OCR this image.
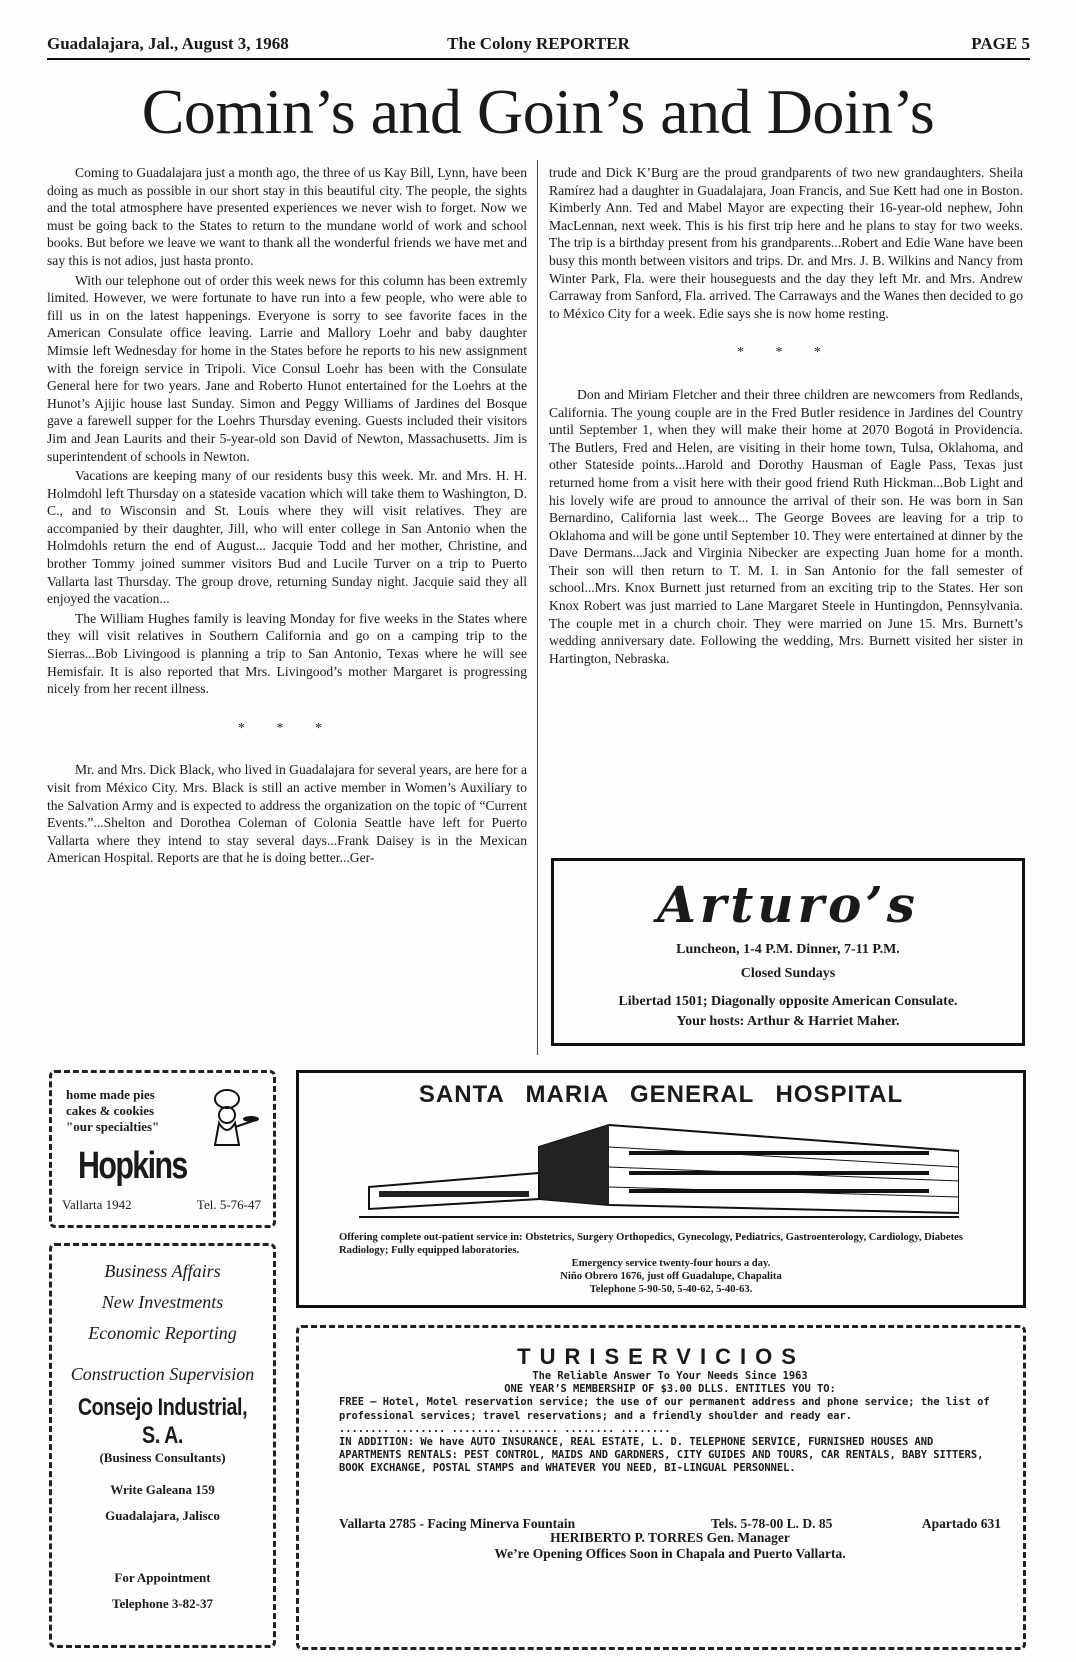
Guadalajara, Jal., August 3, 1968	The Colony REPORTER	PAGE 5
Comin’s and Goin’s and Doin’s

Coming to Guadalajara just a month ago, the three of us Kay Bill, Lynn, have been doing as much as possible in our short stay in this beautiful city. The people, the sights and the total atmosphere have presented experiences we never wish to forget. Now we must be going back to the States to return to the mundane world of work and school books. But before we leave we want to thank all the wonderful friends we have met and say this is not adios, just hasta pronto.

With our telephone out of order this week news for this column has been extremly limited. However, we were fortunate to have run into a few people, who were able to fill us in on the latest happenings. Everyone is sorry to see favorite faces in the American Consulate office leaving. Larrie and Mallory Loehr and baby daughter Mimsie left Wednesday for home in the States before he reports to his new assignment with the foreign service in Tripoli. Vice Consul Loehr has been with the Consulate General here for two years. Jane and Roberto Hunot entertained for the Loehrs at the Hunot’s Ajijic house last Sunday. Simon and Peggy Williams of Jardines del Bosque gave a farewell supper for the Loehrs Thursday evening. Guests included their visitors Jim and Jean Laurits and their 5-year-old son David of Newton, Massachusetts. Jim is superintendent of schools in Newton.

Vacations are keeping many of our residents busy this week. Mr. and Mrs. H. H. Holmdohl left Thursday on a stateside vacation which will take them to Washington, D. C., and to Wisconsin and St. Louis where they will visit relatives. They are accompanied by their daughter, Jill, who will enter college in San Antonio when the Holmdohls return the end of August... Jacquie Todd and her mother, Christine, and brother Tommy joined summer visitors Bud and Lucile Turver on a trip to Puerto Vallarta last Thursday. The group drove, returning Sunday night. Jacquie said they all enjoyed the vacation...

The William Hughes family is leaving Monday for five weeks in the States where they will visit relatives in Southern California and go on a camping trip to the Sierras...Bob Livingood is planning a trip to San Antonio, Texas where he will see Hemisfair. It is also reported that Mrs. Livingood’s mother Margaret is progressing nicely from her recent illness.

* * *

Mr. and Mrs. Dick Black, who lived in Guadalajara for several years, are here for a visit from México City. Mrs. Black is still an active member in Women’s Auxiliary to the Salvation Army and is expected to address the organization on the topic of “Current Events.”...Shelton and Dorothea Coleman of Colonia Seattle have left for Puerto Vallarta where they intend to stay several days...Frank Daisey is in the Mexican American Hospital. Reports are that he is doing better...Ger-

trude and Dick K’Burg are the proud grandparents of two new grandaughters. Sheila Ramírez had a daughter in Guadalajara, Joan Francis, and Sue Kett had one in Boston. Kimberly Ann. Ted and Mabel Mayor are expecting their 16-year-old nephew, John MacLennan, next week. This is his first trip here and he plans to stay for two weeks. The trip is a birthday present from his grandparents...Robert and Edie Wane have been busy this month between visitors and trips. Dr. and Mrs. J. B. Wilkins and Nancy from Winter Park, Fla. were their houseguests and the day they left Mr. and Mrs. Andrew Carraway from Sanford, Fla. arrived. The Carraways and the Wanes then decided to go to México City for a week. Edie says she is now home resting.

* * *

Don and Miriam Fletcher and their three children are newcomers from Redlands, California. The young couple are in the Fred Butler residence in Jardines del Country until September 1, when they will make their home at 2070 Bogotá in Providencia. The Butlers, Fred and Helen, are visiting in their home town, Tulsa, Oklahoma, and other Stateside points...Harold and Dorothy Hausman of Eagle Pass, Texas just returned home from a visit here with their good friend Ruth Hickman...Bob Light and his lovely wife are proud to announce the arrival of their son. He was born in San Bernardino, California last week... The George Bovees are leaving for a trip to Oklahoma and will be gone until September 10. They were entertained at dinner by the Dave Dermans...Jack and Virginia Nibecker are expecting Juan home for a month. Their son will then return to T. M. I. in San Antonio for the fall semester of school...Mrs. Knox Burnett just returned from an exciting trip to the States. Her son Knox Robert was just married to Lane Margaret Steele in Huntingdon, Pennsylvania. The couple met in a church choir. They were married on June 15. Mrs. Burnett’s wedding anniversary date. Following the wedding, Mrs. Burnett visited her sister in Hartington, Nebraska.

Arturo’s
Luncheon, 1-4 P.M. Dinner, 7-11 P.M.
Closed Sundays
Libertad 1501; Diagonally opposite American Consulate.
Your hosts: Arthur & Harriet Maher.
home made pies
cakes & cookies
"our specialties"
Hopkins
Vallarta 1942	Tel. 5-76-47
SANTA MARIA GENERAL HOSPITAL
Offering complete out-patient service in: Obstetrics, Surgery Orthopedics, Gynecology, Pediatrics, Gastroenterology, Cardiology, Diabetes Radiology; Fully equipped laboratories.
Emergency service twenty-four hours a day.
Niño Obrero 1676, just off Guadalupe, Chapalita
Telephone 5-90-50, 5-40-62, 5-40-63.
Business Affairs
New Investments
Economic Reporting
Construction Supervision
Consejo Industrial, S. A.
(Business Consultants)
Write Galeana 159
Guadalajara, Jalisco
For Appointment
Telephone 3-82-37
TURISERVICIOS
The Reliable Answer To Your Needs Since 1963
ONE YEAR’S MEMBERSHIP OF $3.00 DLLS. ENTITLES YOU TO:
FREE — Hotel, Motel reservation service; the use of our permanent address and phone service; the list of professional services; travel reservations; and a friendly shoulder and ready ear.
........ ........ ........ ........ ........ ........
IN ADDITION: We have AUTO INSURANCE, REAL ESTATE, L. D. TELEPHONE SERVICE, FURNISHED HOUSES AND APARTMENTS RENTALS: PEST CONTROL, MAIDS AND GARDNERS, CITY GUIDES AND TOURS, CAR RENTALS, BABY SITTERS, BOOK EXCHANGE, POSTAL STAMPS and WHATEVER YOU NEED, BI-LINGUAL PERSONNEL.
Vallarta 2785 - Facing Minerva Fountain	Tels. 5-78-00 L. D. 85	Apartado 631
HERIBERTO P. TORRES Gen. Manager
We’re Opening Offices Soon in Chapala and Puerto Vallarta.
